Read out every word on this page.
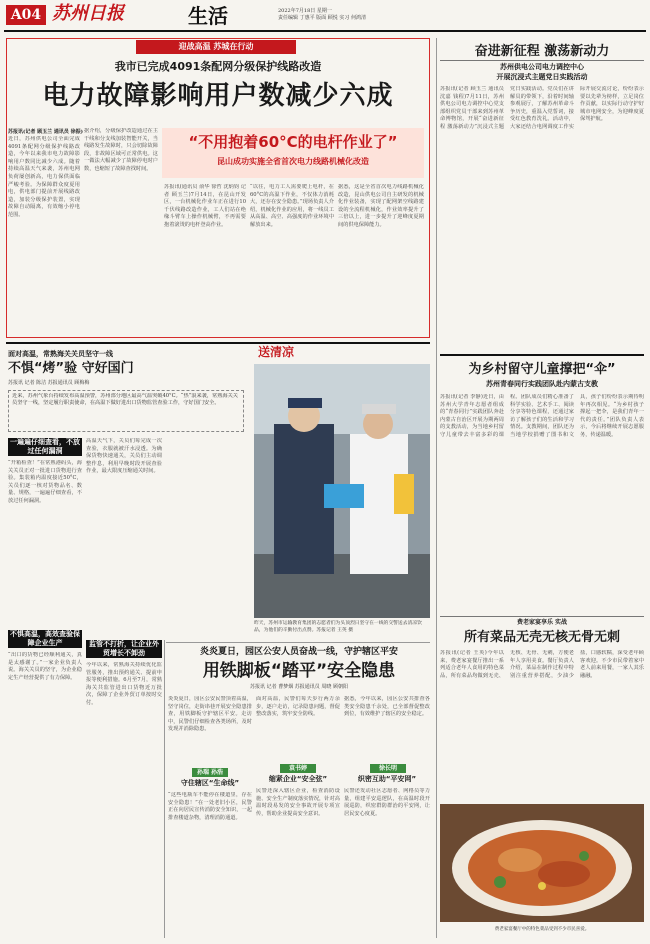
A04 苏州日报	生活	2022年7月18日 星期一
责任编辑 丁惠平 版面 顾悦 实习 何鸿清
迎战高温 苏城在行动
我市已完成4091条配网分级保护线路改造
电力故障影响用户数减少六成
苏报讯(记者 顾玉兰 通讯员 徐振)
近日，苏州供电公司全面完成4091条配网分级保护线路改造，今年以来我市电力故障影响用户数同比减少六成。随着持续高温天气来袭，苏州电网负荷屡创新高，电力保供面临严峻考验。为保障群众度夏用电，供电部门提前开展线路改造，加装分级保护装置，实现故障自动隔离，有效缩小停电范围。
据介绍，分级保护改造通过在主干线和分支线加装智能开关，当线路发生故障时，只会切除故障段，非故障区域可正常供电。这一做法大幅减少了故障停电时户数，也缩短了故障查找时间。
“不用抱着60°C的电杆作业了”
昆山成功实施全省首次电力线路机械化改造
苏报讯(通讯员 俞华 徐哲 沈炳钧 记者 顾玉兰)7月14日，在昆山开发区，一台机械化作业车正在进行10千伏线路改造作业，工人们站在绝缘斗臂车上操作机械臂，不再需要抱着滚烫的电杆登高作业。
“以往，电力工人需要爬上电杆，在60°C的高温下作业，不仅体力消耗大，还存在安全隐患。”现场负责人介绍，机械化作业的应用，将一线员工从高温、高空、高强度的作业环境中解放出来。
据悉，这是全省首次电力线路机械化改造，昆山供电公司自主研发的机械化作业装备，实现了配网架空线路建设的全流程机械化，作业效率提升了三倍以上，进一步提升了迎峰度夏期间的供电保障能力。
奋进新征程 激荡新动力
苏州供电公司电力调控中心
开展沉浸式主题党日实践活动
苏报讯(记者 顾玉兰 通讯员 沈嘉 钱程)7月11日，苏州供电公司电力调控中心党支部组织党员干部来到苏州革命博物馆，开展“奋进新征程 激荡新动力”沉浸式主题党日实践活动。党员们在讲解员的带领下，沿着时间轴参观展厅，了解苏州革命斗争历史，重温入党誓词，接受红色教育洗礼。活动中，大家还结合电网调度工作实际开展交流讨论，纷纷表示要以先辈为榜样，立足岗位作贡献，以实际行动守护好城市电网安全，为迎峰度夏保驾护航。
为乡村留守儿童撑把“伞”
苏州青春同行实践团队赴内蒙古支教
苏报讯(记者 李静)近日，由苏州大学青年志愿者组成的“青春同行”实践团队奔赴内蒙古自治区开展为期两周的支教活动，为当地乡村留守儿童带去丰富多彩的课程。团队成员们精心准备了科学实验、艺术手工、阅读分享等特色课程，还通过家访了解孩子们的生活和学习情况。支教期间，团队还为当地学校捐赠了图书和文具，孩子们纷纷表示期待明年再次相见。“为乡村孩子撑起一把伞，是我们青年一代的责任。”团队负责人表示，今后将继续开展志愿服务，传递温暖。
费老家宴享乐 实战
所有菜品无壳无核无骨无刺
苏报讯(记者 王英)今年以来，费老家宴餐厅推出一系列适合老年人食用的特色菜品，所有菜品均做到无壳、无核、无骨、无刺，方便老年人享用美食。餐厅负责人介绍，菜品在制作过程中特别注重营养搭配，少油少盐，口感软糯，深受老年顾客欢迎。不少市民带着家中老人前来用餐，一家人其乐融融。
费老家宴餐厅中的特色菜品受到不少市民喜爱。
面对高温，常熟海关关员坚守一线
不惧“烤”验 守好国门
苏报讯 记者 陈洁 苏报通讯员 顾梅梅
近来，苏州气象台持续发布高温预警，苏州部分地区最高气温突破40°C。“热”浪来袭，常熟海关关员坚守一线，坚定履行职责使命，在高温下做好进出口货物监管查验工作，守好国门安全。
一遍遍仔细查看，不放过任何漏洞
“开箱检查！”在常熟港码头，海关关员正对一批进口货物进行查验。集装箱内温度接近50°C，关员们逐一核对货物品名、数量、规格，一遍遍仔细查看，不放过任何漏洞。
不惧高温，高效查验保障企业生产
“出口的货物已经顺利通关，真是太感谢了。”一家企业负责人说。海关关员的坚守，为企业稳定生产经营提供了有力保障。
高温天气下，关员们每完成一次查验，衣服就被汗水浸透。为确保货物快速通关，关员们主动调整作息，利用早晚时段开展查验作业，最大限度压缩通关时间。
监管不打折，让企业外贸增长不卸劲
今年以来，常熟海关持续优化监管服务，推出预约通关、提前申报等便利措施。6月至7月，常熟海关共监管进出口货物近万批次，保障了企业外贸订单按时交付。
送清凉
昨天，苏州市运输教育集团的志愿者们为头顶烈日坚守在一线的交警送去清凉饮品，为他们的辛勤付出点赞。苏报记者 王英 摄
炎炎夏日，园区公安人员奋战一线，守护辖区平安
用铁脚板“踏平”安全隐患
苏报讯 记者 曹梦烟 苏报通讯员 周晓 顾朝阳
炎炎夏日，园区公安民警顶着高温，坚守岗位，走街串巷开展安全隐患排查，用铁脚板守护辖区平安。走访中，民警们仔细检查各类场所，及时发现并消除隐患。
孙瑞 孙浩
守住辖区“生命线”
“这些电瓶车不能停在楼道里，存在安全隐患！”在一处老旧小区，民警正在向居民宣传消防安全知识，一起排查楼道杂物，清理消防通道。
面对高温，民警们每天步行两万余步，逐户走访，记录隐患问题，督促整改落实，筑牢安全防线。
袁书婷
缩紧企业“安全弦”
民警还深入辖区企业，检查消防设施、安全生产制度落实情况，针对高温时段易发的安全事故开展专项宣传，帮助企业提高安全意识。
据悉，今年以来，园区公安共排查各类安全隐患千余处，已全部督促整改到位，有效维护了辖区的安全稳定。
徐长明
织密互助“平安网”
民警还发动社区志愿者、网格员等力量，组建平安巡逻队，在高温时段开展巡防，织密群防群治的平安网，让居民安心度夏。
